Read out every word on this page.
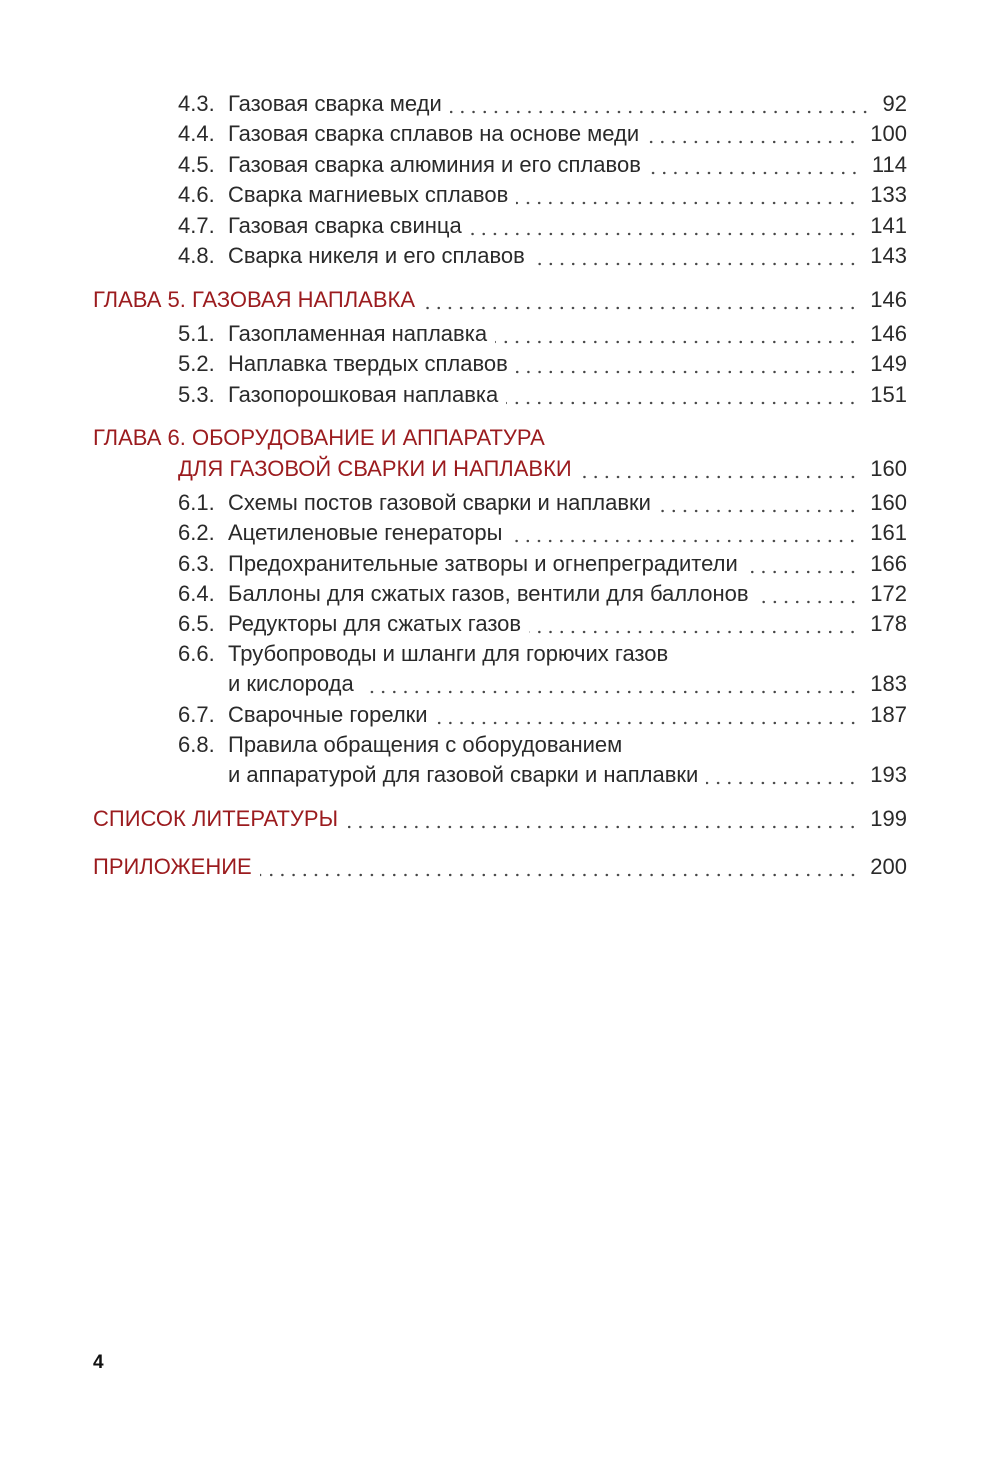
4.3. Газовая сварка меди	92
4.4. Газовая сварка сплавов на основе меди	100
4.5. Газовая сварка алюминия и его сплавов	114
4.6. Сварка магниевых сплавов	133
4.7. Газовая сварка свинца	141
4.8. Сварка никеля и его сплавов	143
ГЛАВА 5. ГАЗОВАЯ НАПЛАВКА	146
5.1. Газопламенная наплавка	146
5.2. Наплавка твердых сплавов	149
5.3. Газопорошковая наплавка	151
ГЛАВА 6. ОБОРУДОВАНИЕ И АППАРАТУРА
ДЛЯ ГАЗОВОЙ СВАРКИ И НАПЛАВКИ	160
6.1. Схемы постов газовой сварки и наплавки	160
6.2. Ацетиленовые генераторы	161
6.3. Предохранительные затворы и огнепреградители	166
6.4. Баллоны для сжатых газов, вентили для баллонов	172
6.5. Редукторы для сжатых газов	178
6.6. Трубопроводы и шланги для горючих газов
и кислорода	183
6.7. Сварочные горелки	187
6.8. Правила обращения с оборудованием
и аппаратурой для газовой сварки и наплавки	193
СПИСОК ЛИТЕРАТУРЫ	199
ПРИЛОЖЕНИЕ	200
4
